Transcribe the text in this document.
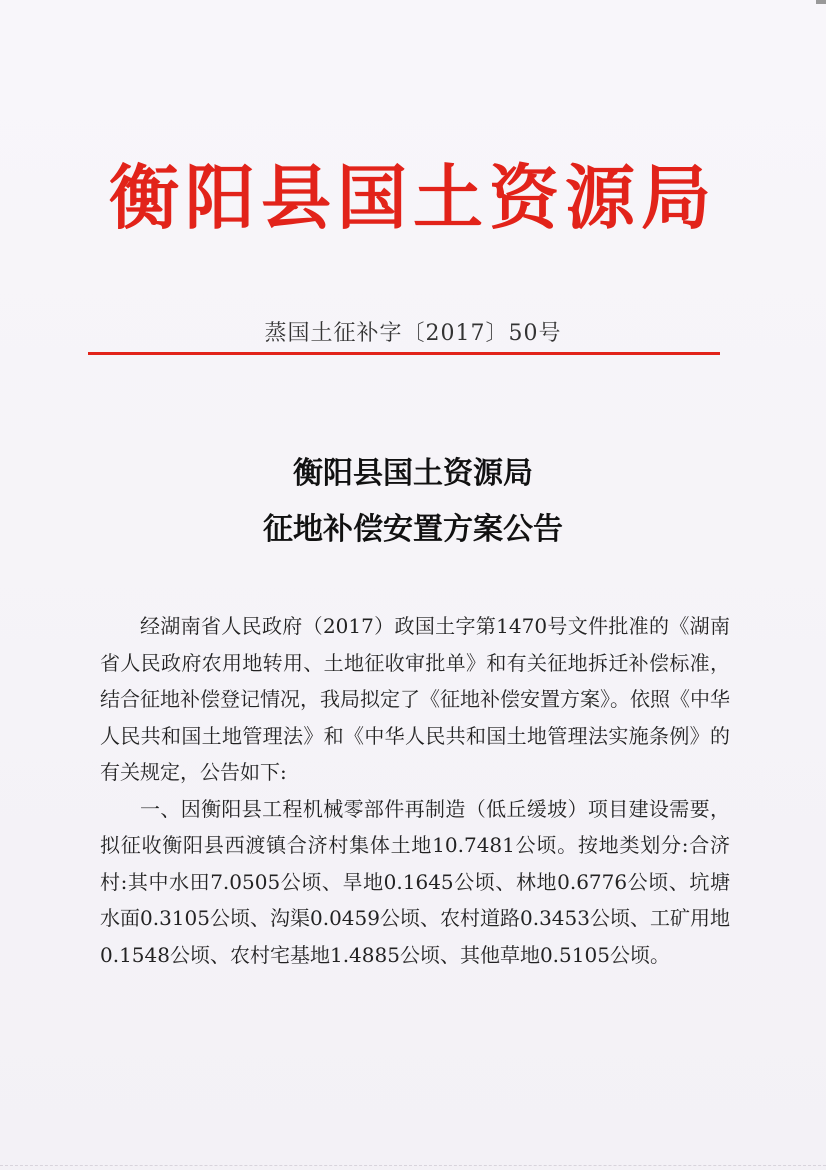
衡阳县国土资源局
蒸国土征补字〔2017〕50号
衡阳县国土资源局
征地补偿安置方案公告

经湖南省人民政府（2017）政国土字第1470号文件批准的《湖南省人民政府农用地转用、土地征收审批单》和有关征地拆迁补偿标准，结合征地补偿登记情况，我局拟定了《征地补偿安置方案》。依照《中华人民共和国土地管理法》和《中华人民共和国土地管理法实施条例》的有关规定，公告如下:

一、因衡阳县工程机械零部件再制造（低丘缓坡）项目建设需要，拟征收衡阳县西渡镇合济村集体土地10.7481公顷。按地类划分:合济村:其中水田7.0505公顷、旱地0.1645公顷、林地0.6776公顷、坑塘水面0.3105公顷、沟渠0.0459公顷、农村道路0.3453公顷、工矿用地0.1548公顷、农村宅基地1.4885公顷、其他草地0.5105公顷。
